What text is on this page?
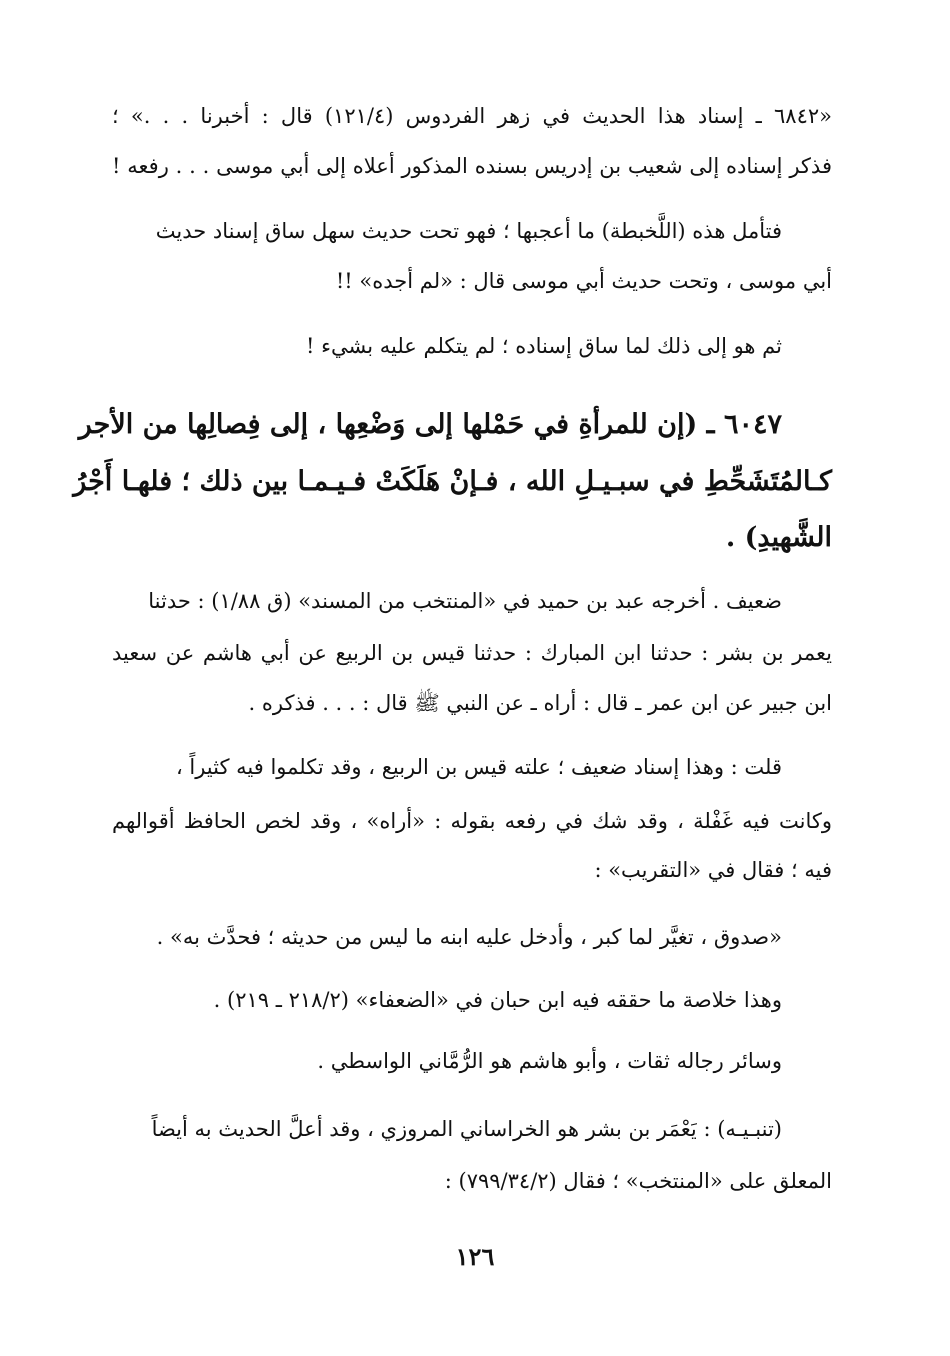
«٦٨٤٢ ـ إسناد هذا الحديث في زهر الفردوس (١٢١/٤) قال : أخبرنا . . .» ؛
فذكر إسناده إلى شعيب بن إدريس بسنده المذكور أعلاه إلى أبي موسى . . . رفعه !
فتأمل هذه (اللَّخبطة) ما أعجبها ؛ فهو تحت حديث سهل ساق إسناد حديث
أبي موسى ، وتحت حديث أبي موسى قال : «لم أجده» !!
ثم هو إلى ذلك لما ساق إسناده ؛ لم يتكلم عليه بشيء !
٦٠٤٧ ـ (إن للمرأةِ في حَمْلها إلى وَضْعِها ، إلى فِصالِها من الأجر
كـالمُتَشَحِّطِ في سبـيـلِ الله ، فـإنْ هَلَكَتْ فـيـمـا بين ذلك ؛ فلهـا أَجْرُ
الشَّهيدِ) .
ضعيف . أخرجه عبد بن حميد في «المنتخب من المسند» (ق ١/٨٨) : حدثنا
يعمر بن بشر : حدثنا ابن المبارك : حدثنا قيس بن الربيع عن أبي هاشم عن سعيد
ابن جبير عن ابن عمر ـ قال : أراه ـ عن النبي ﷺ قال : . . . فذكره .
قلت : وهذا إسناد ضعيف ؛ علته قيس بن الربيع ، وقد تكلموا فيه كثيراً ،
وكانت فيه غَفْلة ، وقد شك في رفعه بقوله : «أراه» ، وقد لخص الحافظ أقوالهم
فيه ؛ فقال في «التقريب» :
«صدوق ، تغيَّر لما كبر ، وأدخل عليه ابنه ما ليس من حديثه ؛ فحدَّث به» .
وهذا خلاصة ما حققه فيه ابن حبان في «الضعفاء» (٢١٨/٢ ـ ٢١٩) .
وسائر رجاله ثقات ، وأبو هاشم هو الرُّمَّاني الواسطي .
(تنبـيـه) : يَعْمَر بن بشر هو الخراساني المروزي ، وقد أعلَّ الحديث به أيضاً
المعلق على «المنتخب» ؛ فقال (٧٩٩/٣٤/٢) :
١٢٦
